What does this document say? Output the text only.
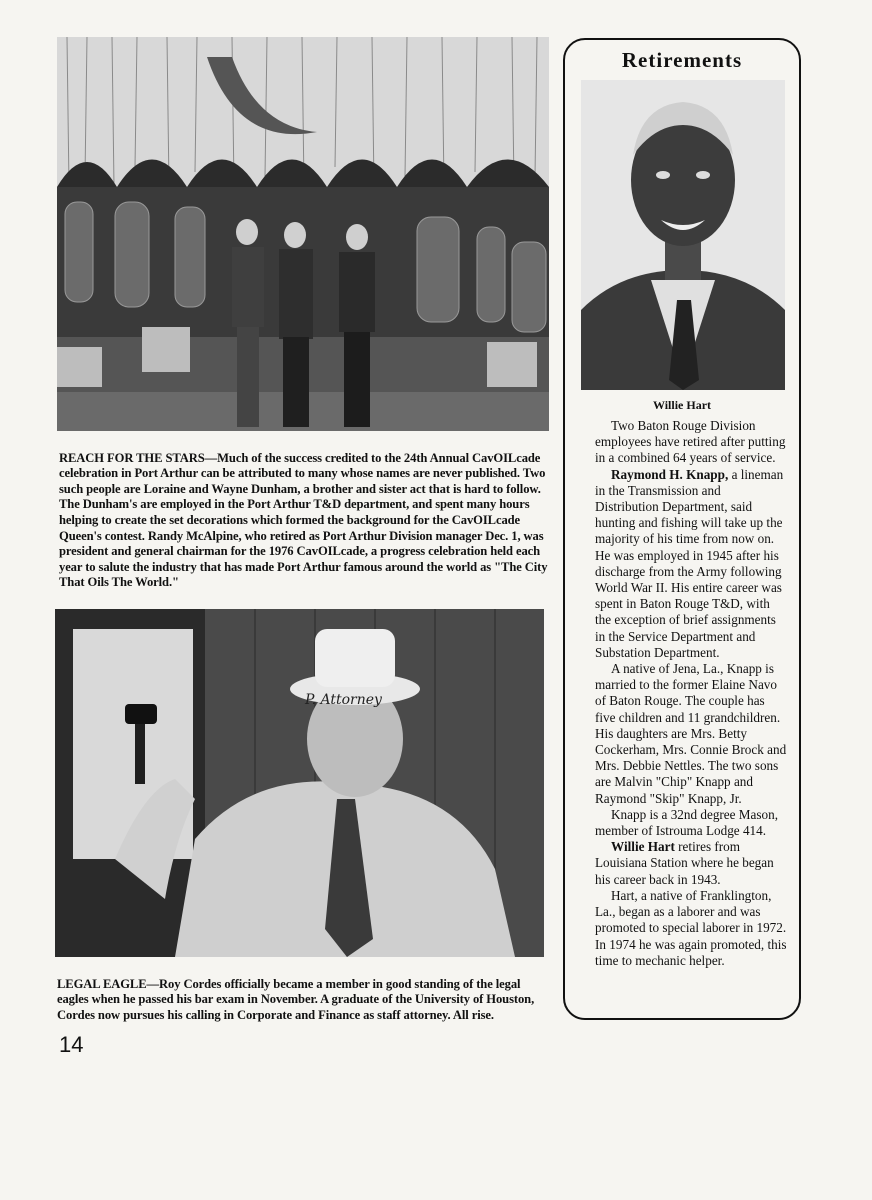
REACH FOR THE STARS—Much of the success credited to the 24th Annual CavOILcade celebration in Port Arthur can be attributed to many whose names are never published. Two such people are Loraine and Wayne Dunham, a brother and sister act that is hard to follow. The Dunham's are employed in the Port Arthur T&D department, and spent many hours helping to create the set decorations which formed the background for the CavOILcade Queen's contest. Randy McAlpine, who retired as Port Arthur Division manager Dec. 1, was president and general chairman for the 1976 CavOILcade, a progress celebration held each year to salute the industry that has made Port Arthur famous around the world as "The City That Oils The World."

P. Attorney

LEGAL EAGLE—Roy Cordes officially became a member in good standing of the legal eagles when he passed his bar exam in November. A graduate of the University of Houston, Cordes now pursues his calling in Corporate and Finance as staff attorney. All rise.

14
Retirements
Willie Hart

Two Baton Rouge Division employees have retired after putting in a combined 64 years of service.

Raymond H. Knapp, a lineman in the Transmission and Distribution Department, said hunting and fishing will take up the majority of his time from now on. He was employed in 1945 after his discharge from the Army following World War II. His entire career was spent in Baton Rouge T&D, with the exception of brief assignments in the Service Department and Substation Department.

A native of Jena, La., Knapp is married to the former Elaine Navo of Baton Rouge. The couple has five children and 11 grandchildren. His daughters are Mrs. Betty Cockerham, Mrs. Connie Brock and Mrs. Debbie Nettles. The two sons are Malvin "Chip" Knapp and Raymond "Skip" Knapp, Jr.

Knapp is a 32nd degree Mason, member of Istrouma Lodge 414.

Willie Hart retires from Louisiana Station where he began his career back in 1943.

Hart, a native of Franklington, La., began as a laborer and was promoted to special laborer in 1972. In 1974 he was again promoted, this time to mechanic helper.
